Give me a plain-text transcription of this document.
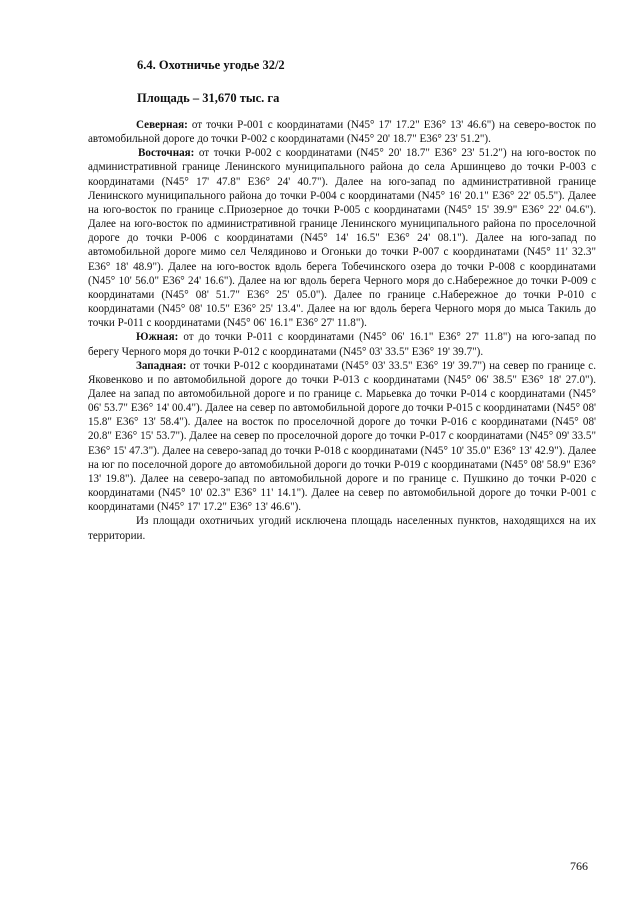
6.4. Охотничье угодье 32/2

Площадь – 31,670 тыс. га

Северная: от точки Р-001 с координатами (N45° 17' 17.2" E36° 13' 46.6") на северо-восток по автомобильной дороге до точки Р-002 с координатами (N45° 20' 18.7" E36° 23' 51.2").

Восточная: от точки Р-002 с координатами (N45° 20' 18.7" E36° 23' 51.2") на юго-восток по административной границе Ленинского муниципального района до села Аршинцево до точки Р-003 с координатами (N45° 17' 47.8" E36° 24' 40.7"). Далее на юго-запад по административной границе Ленинского муниципального района до точки Р-004 с координатами (N45° 16' 20.1" E36° 22' 05.5"). Далее на юго-восток по границе с.Приозерное до точки Р-005 с координатами (N45° 15' 39.9" E36° 22' 04.6"). Далее на юго-восток по административной границе Ленинского муниципального района по проселочной дороге до точки Р-006 с координатами (N45° 14' 16.5" E36° 24' 08.1"). Далее на юго-запад по автомобильной дороге мимо сел Челядиново и Огоньки до точки Р-007 с координатами (N45° 11' 32.3" E36° 18' 48.9"). Далее на юго-восток вдоль берега Тобечинского озера до точки Р-008 с координатами (N45° 10' 56.0" E36° 24' 16.6"). Далее на юг вдоль берега Черного моря до с.Набережное до точки Р-009 с координатами (N45° 08' 51.7" E36° 25' 05.0"). Далее по границе с.Набережное до точки Р-010 с координатами (N45° 08' 10.5" E36° 25' 13.4". Далее на юг вдоль берега Черного моря до мыса Такиль до точки Р-011 с координатами (N45° 06' 16.1" E36° 27' 11.8").

Южная: от до точки Р-011 с координатами (N45° 06' 16.1" E36° 27' 11.8") на юго-запад по берегу Черного моря до точки Р-012 с координатами (N45° 03' 33.5" E36° 19' 39.7").

Западная: от точки Р-012 с координатами (N45° 03' 33.5" E36° 19' 39.7") на север по границе с. Яковенково и по автомобильной дороге до точки Р-013 с координатами (N45° 06' 38.5" E36° 18' 27.0"). Далее на запад по автомобильной дороге и по границе с. Марьевка до точки Р-014 с координатами (N45° 06' 53.7" E36° 14' 00.4"). Далее на север по автомобильной дороге до точки Р-015 с координатами (N45° 08' 15.8" E36° 13' 58.4"). Далее на восток по проселочной дороге до точки Р-016 с координатами (N45° 08' 20.8" E36° 15' 53.7"). Далее на север по проселочной дороге до точки Р-017 с координатами (N45° 09' 33.5" E36° 15' 47.3"). Далее на северо-запад до точки Р-018 с координатами (N45° 10' 35.0" E36° 13' 42.9"). Далее на юг по поселочной дороге до автомобильной дороги до точки Р-019 с координатами (N45° 08' 58.9" E36° 13' 19.8"). Далее на северо-запад по автомобильной дороге и по границе с. Пушкино до точки Р-020 с координатами (N45° 10' 02.3" E36° 11' 14.1"). Далее на север по автомобильной дороге до точки Р-001 с координатами (N45° 17' 17.2" E36° 13' 46.6").

Из площади охотничьих угодий исключена площадь населенных пунктов, находящихся на их территории.

766
